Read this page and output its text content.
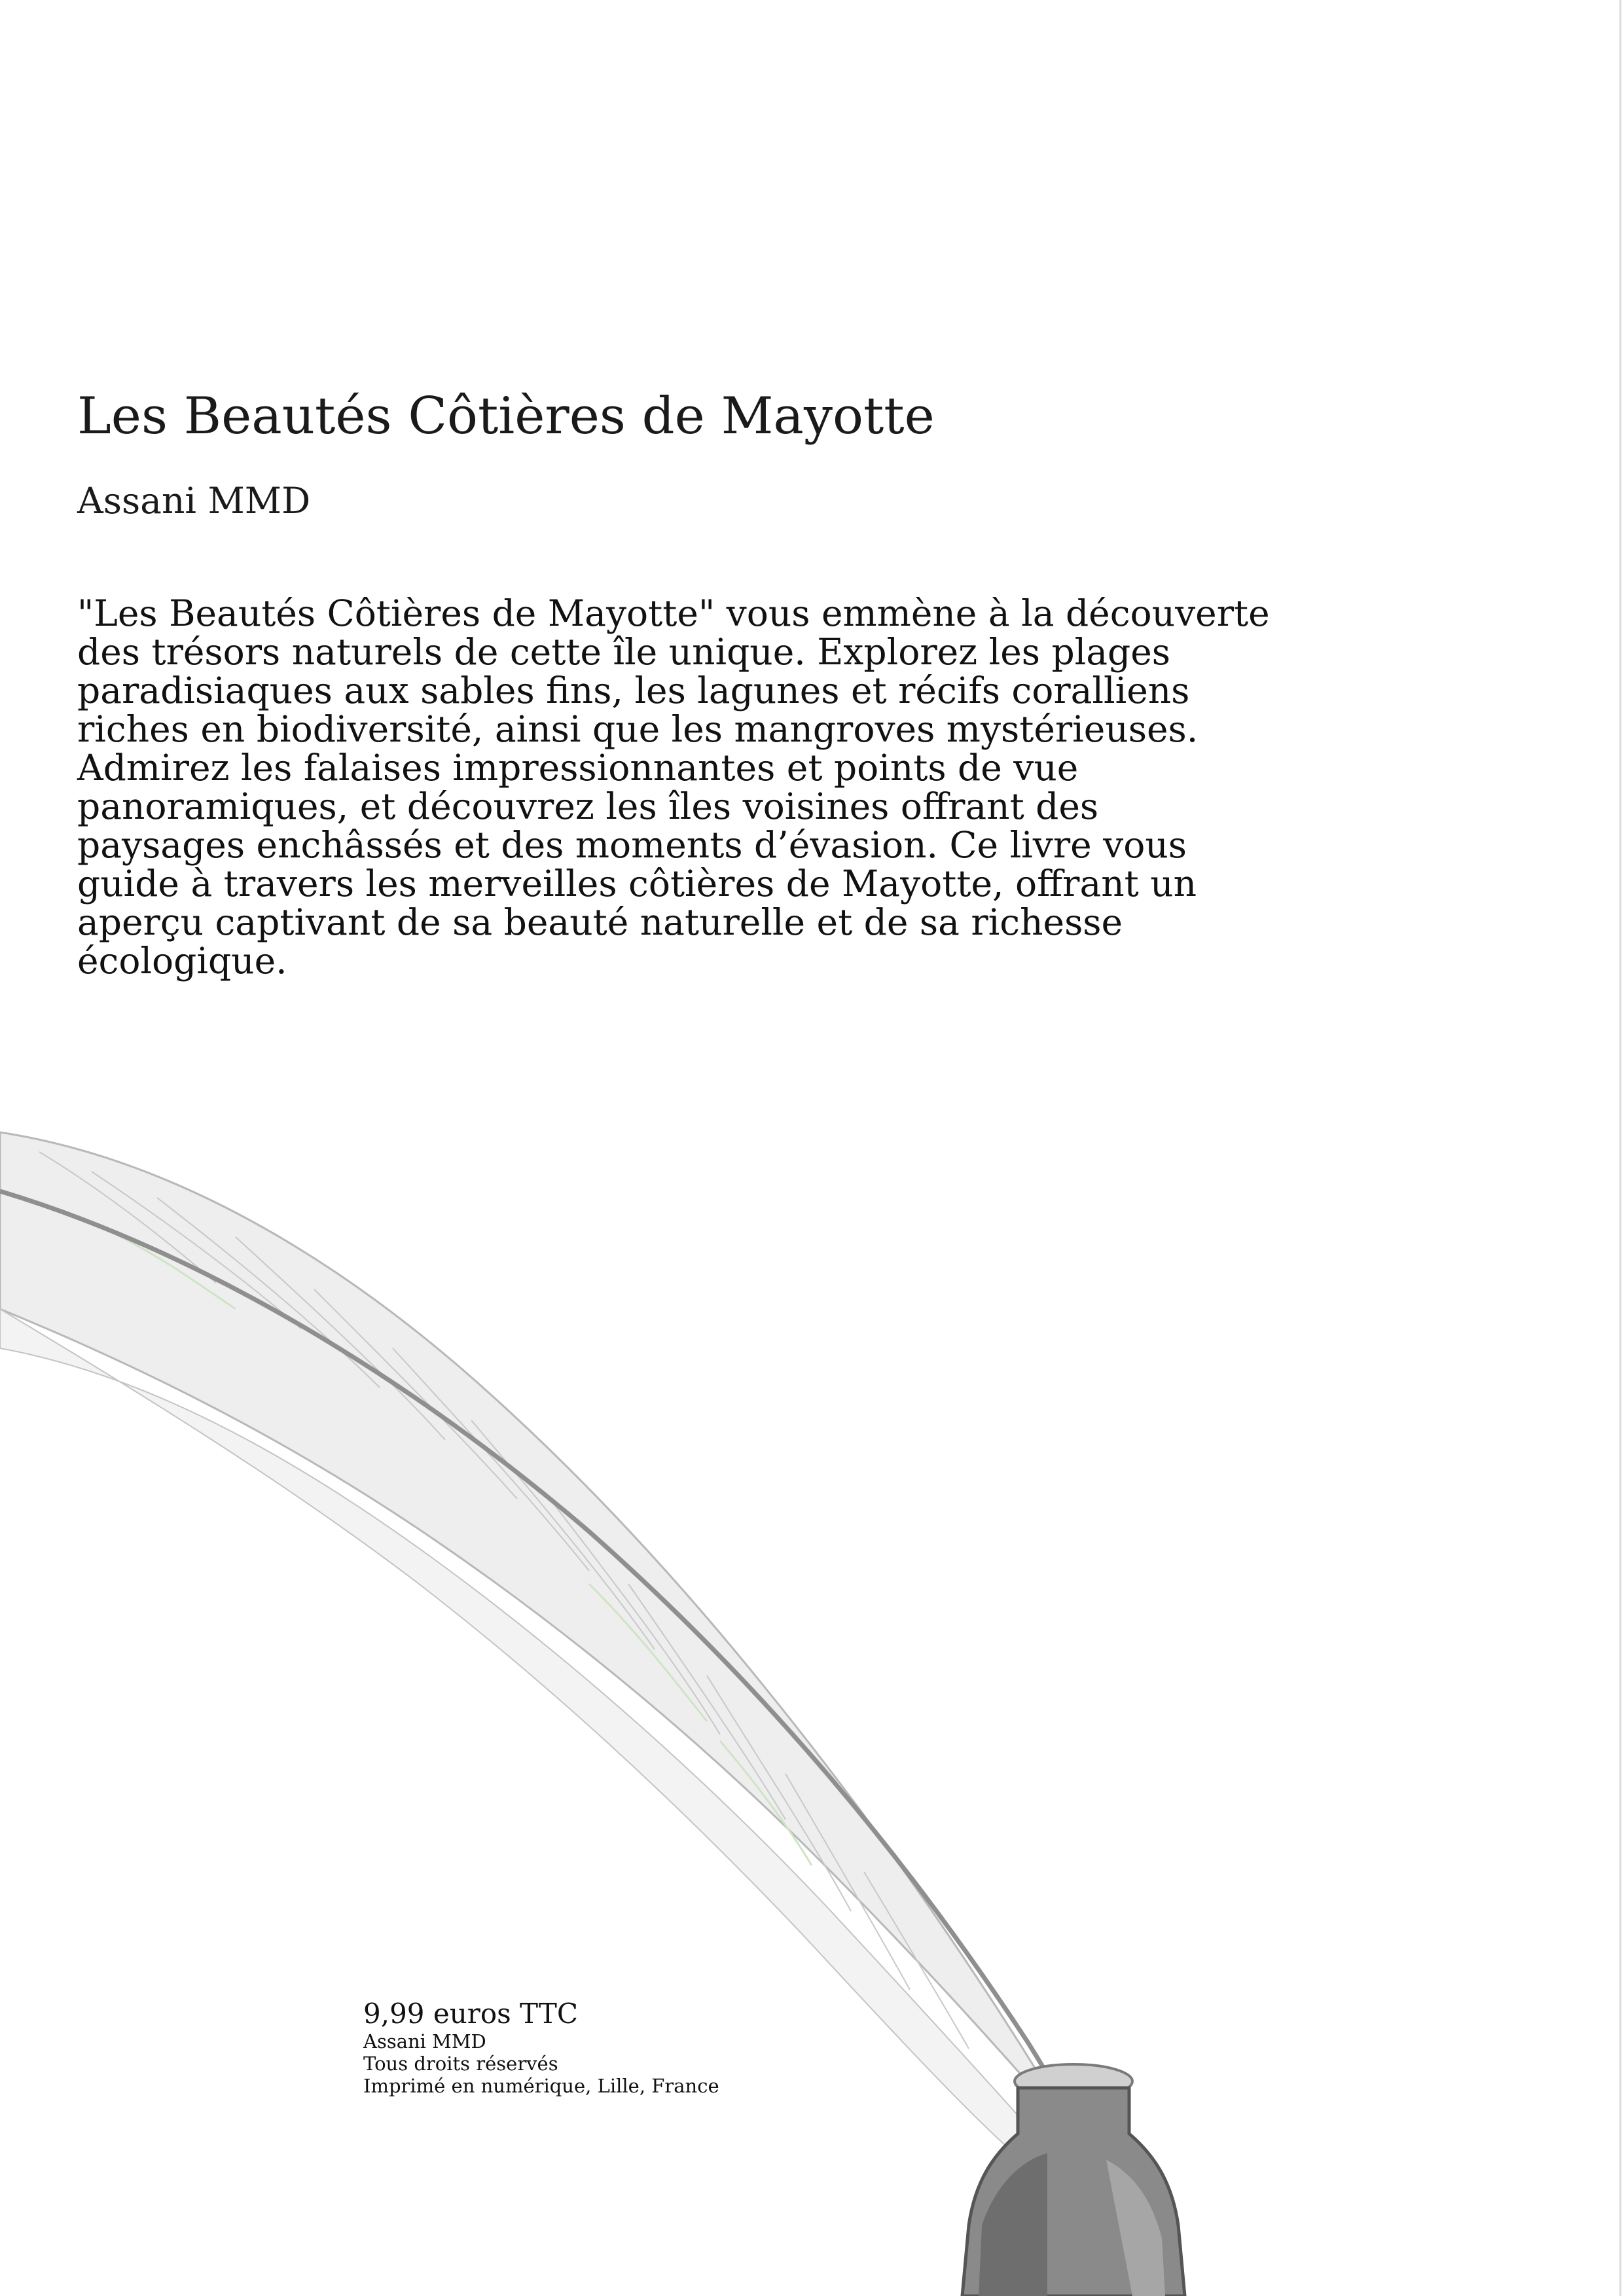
Les Beautés Côtières de Mayotte
Assani MMD

"Les Beautés Côtières de Mayotte" vous emmène à la découverte des trésors naturels de cette île unique. Explorez les plages paradisiaques aux sables fins, les lagunes et récifs coralliens riches en biodiversité, ainsi que les mangroves mystérieuses. Admirez les falaises impressionnantes et points de vue panoramiques, et découvrez les îles voisines offrant des paysages enchâssés et des moments d’évasion. Ce livre vous guide à travers les merveilles côtières de Mayotte, offrant un aperçu captivant de sa beauté naturelle et de sa richesse écologique.

9,99 euros TTC
Assani MMD
Tous droits réservés
Imprimé en numérique, Lille, France
